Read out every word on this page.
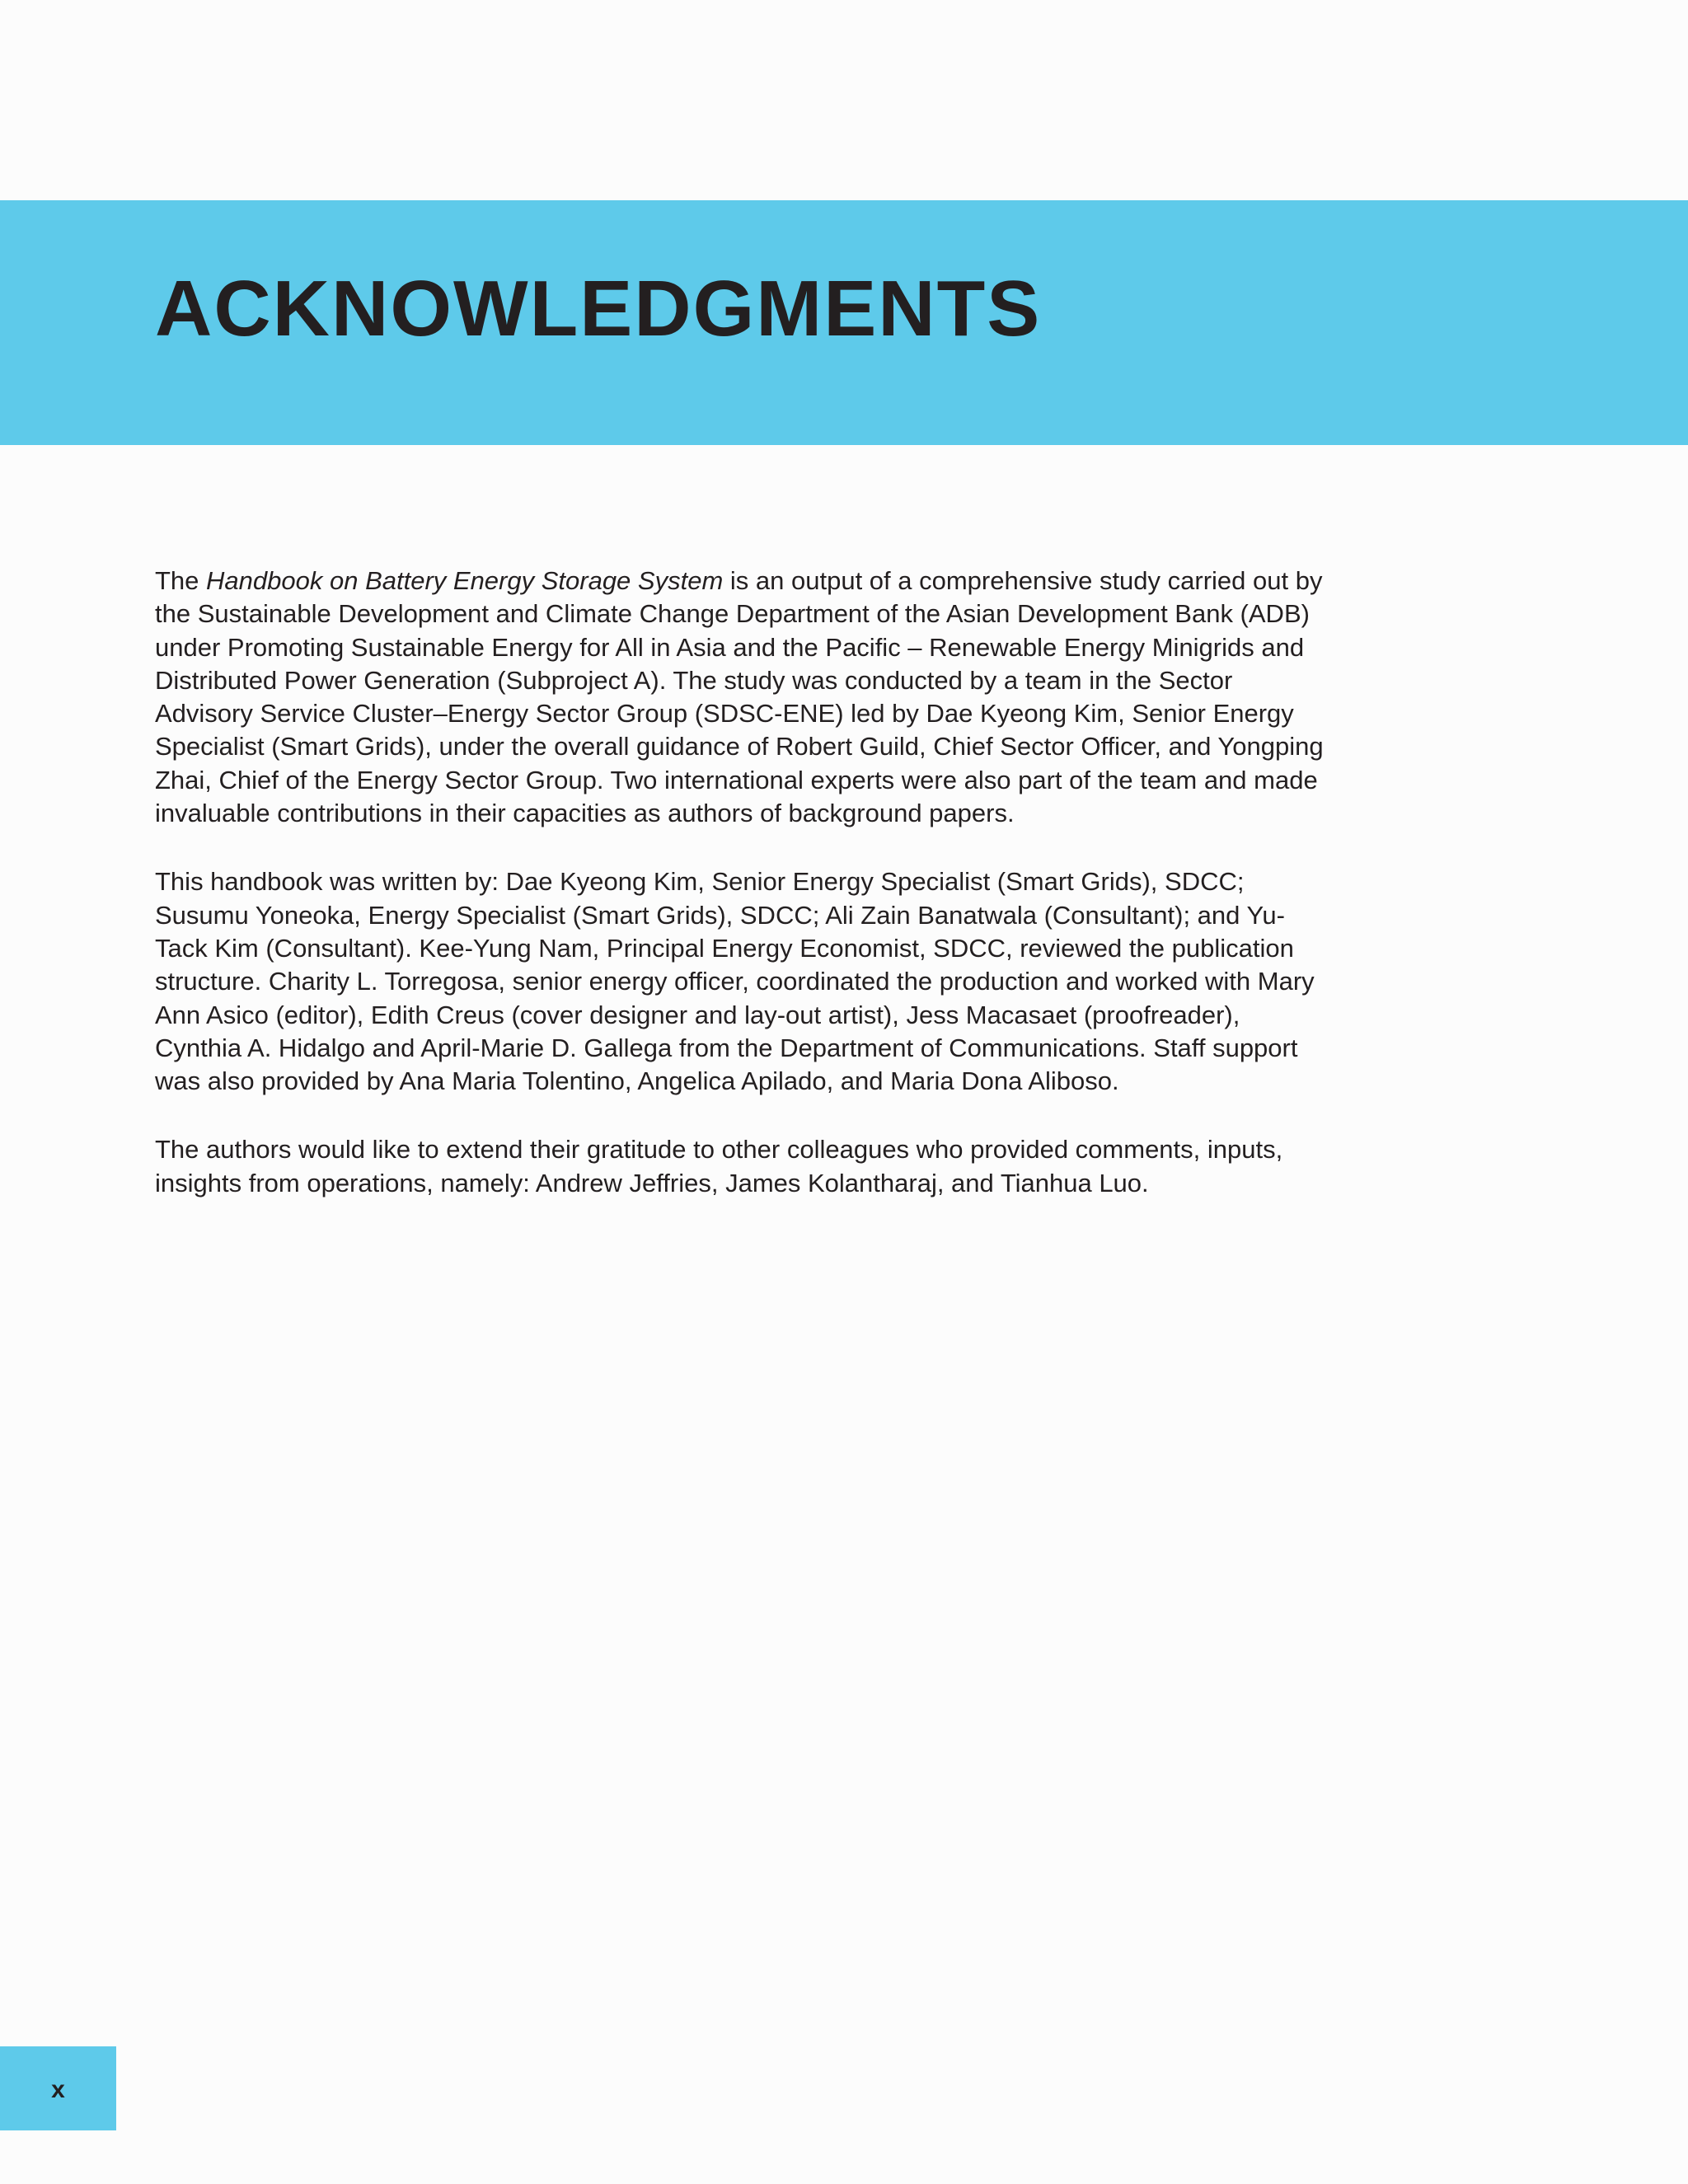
ACKNOWLEDGMENTS

The Handbook on Battery Energy Storage System is an output of a comprehensive study carried out by the Sustainable Development and Climate Change Department of the Asian Development Bank (ADB) under Promoting Sustainable Energy for All in Asia and the Pacific – Renewable Energy Minigrids and Distributed Power Generation (Subproject A). The study was conducted by a team in the Sector Advisory Service Cluster–Energy Sector Group (SDSC-ENE) led by Dae Kyeong Kim, Senior Energy Specialist (Smart Grids), under the overall guidance of Robert Guild, Chief Sector Officer, and Yongping Zhai, Chief of the Energy Sector Group. Two international experts were also part of the team and made invaluable contributions in their capacities as authors of background papers.

This handbook was written by: Dae Kyeong Kim, Senior Energy Specialist (Smart Grids), SDCC; Susumu Yoneoka, Energy Specialist (Smart Grids), SDCC; Ali Zain Banatwala (Consultant); and Yu-Tack Kim (Consultant). Kee-Yung Nam, Principal Energy Economist, SDCC, reviewed the publication structure. Charity L. Torregosa, senior energy officer, coordinated the production and worked with Mary Ann Asico (editor), Edith Creus (cover designer and lay-out artist), Jess Macasaet (proofreader), Cynthia A. Hidalgo and April-Marie D. Gallega from the Department of Communications. Staff support was also provided by Ana Maria Tolentino, Angelica Apilado, and Maria Dona Aliboso.

The authors would like to extend their gratitude to other colleagues who provided comments, inputs, insights from operations, namely: Andrew Jeffries, James Kolantharaj, and Tianhua Luo.

x
